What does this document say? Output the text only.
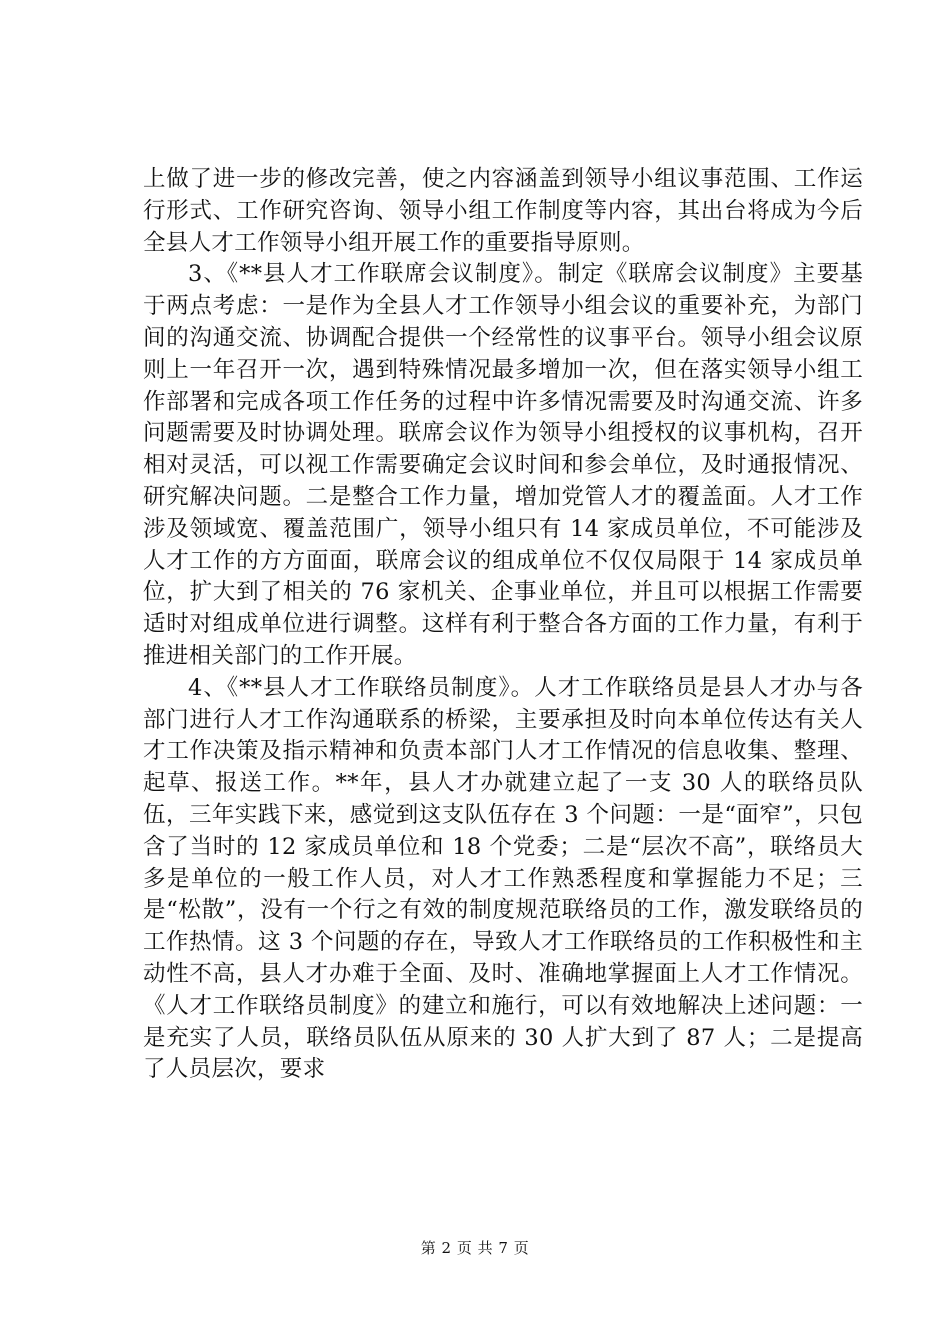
上做了进一步的修改完善，使之内容涵盖到领导小组议事范围、工作运行形式、工作研究咨询、领导小组工作制度等内容，其出台将成为今后全县人才工作领导小组开展工作的重要指导原则。

3、《**县人才工作联席会议制度》。制定《联席会议制度》主要基于两点考虑：一是作为全县人才工作领导小组会议的重要补充，为部门间的沟通交流、协调配合提供一个经常性的议事平台。领导小组会议原则上一年召开一次，遇到特殊情况最多增加一次，但在落实领导小组工作部署和完成各项工作任务的过程中许多情况需要及时沟通交流、许多问题需要及时协调处理。联席会议作为领导小组授权的议事机构，召开相对灵活，可以视工作需要确定会议时间和参会单位，及时通报情况、研究解决问题。二是整合工作力量，增加党管人才的覆盖面。人才工作涉及领域宽、覆盖范围广，领导小组只有 14 家成员单位，不可能涉及人才工作的方方面面，联席会议的组成单位不仅仅局限于 14 家成员单位，扩大到了相关的 76 家机关、企事业单位，并且可以根据工作需要适时对组成单位进行调整。这样有利于整合各方面的工作力量，有利于推进相关部门的工作开展。

4、《**县人才工作联络员制度》。人才工作联络员是县人才办与各部门进行人才工作沟通联系的桥梁，主要承担及时向本单位传达有关人才工作决策及指示精神和负责本部门人才工作情况的信息收集、整理、起草、报送工作。**年，县人才办就建立起了一支 30 人的联络员队伍，三年实践下来，感觉到这支队伍存在 3 个问题：一是“面窄”，只包含了当时的 12 家成员单位和 18 个党委；二是“层次不高”，联络员大多是单位的一般工作人员，对人才工作熟悉程度和掌握能力不足；三是“松散”，没有一个行之有效的制度规范联络员的工作，激发联络员的工作热情。这 3 个问题的存在，导致人才工作联络员的工作积极性和主动性不高，县人才办难于全面、及时、准确地掌握面上人才工作情况。《人才工作联络员制度》的建立和施行，可以有效地解决上述问题：一是充实了人员，联络员队伍从原来的 30 人扩大到了 87 人；二是提高了人员层次，要求

第 2 页 共 7 页
